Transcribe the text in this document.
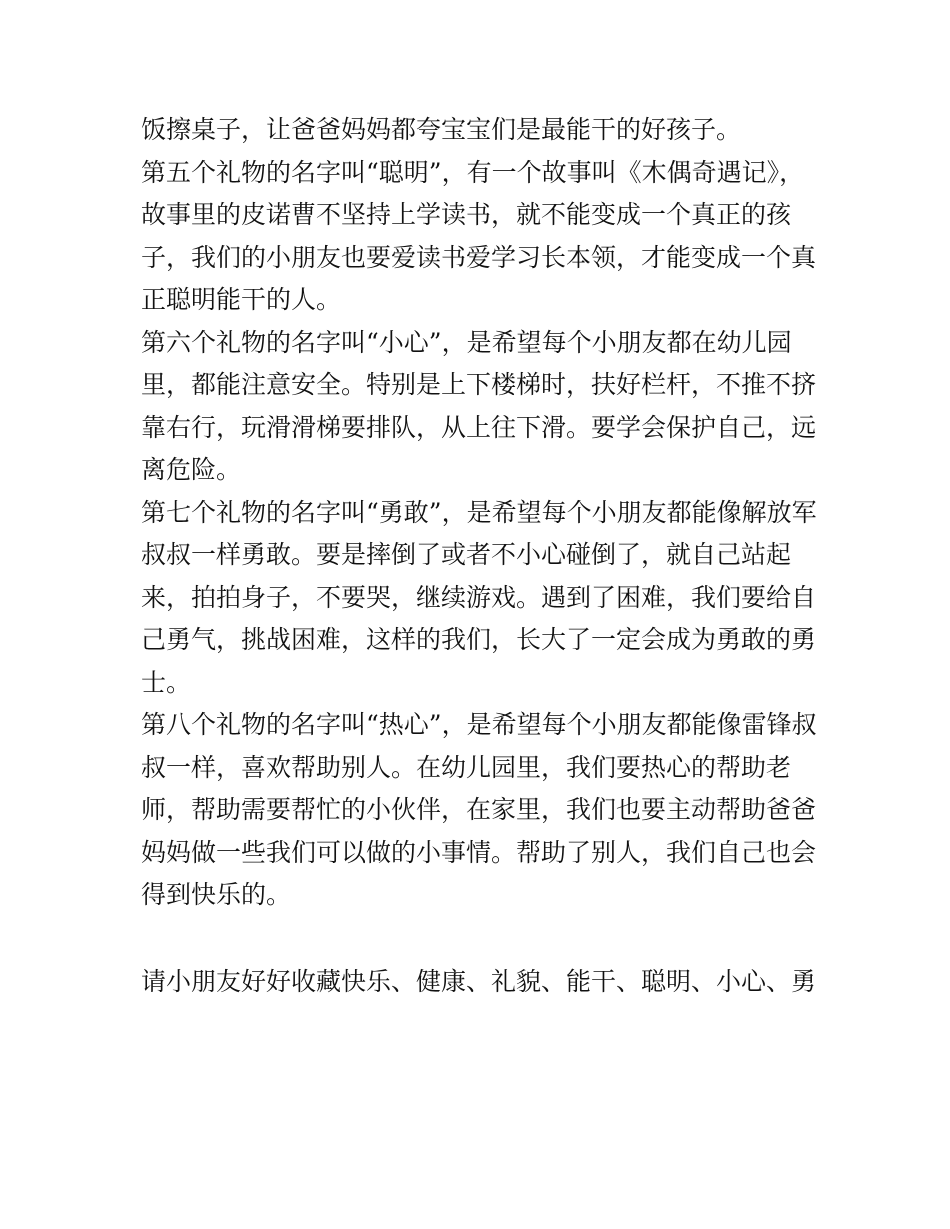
饭擦桌子，让爸爸妈妈都夸宝宝们是最能干的好孩子。
第五个礼物的名字叫“聪明”，有一个故事叫《木偶奇遇记》，
故事里的皮诺曹不坚持上学读书，就不能变成一个真正的孩
子，我们的小朋友也要爱读书爱学习长本领，才能变成一个真
正聪明能干的人。
第六个礼物的名字叫“小心”，是希望每个小朋友都在幼儿园
里，都能注意安全。特别是上下楼梯时，扶好栏杆，不推不挤
靠右行，玩滑滑梯要排队，从上往下滑。要学会保护自己，远
离危险。
第七个礼物的名字叫“勇敢”，是希望每个小朋友都能像解放军
叔叔一样勇敢。要是摔倒了或者不小心碰倒了，就自己站起
来，拍拍身子，不要哭，继续游戏。遇到了困难，我们要给自
己勇气，挑战困难，这样的我们，长大了一定会成为勇敢的勇
士。
第八个礼物的名字叫“热心”，是希望每个小朋友都能像雷锋叔
叔一样，喜欢帮助别人。在幼儿园里，我们要热心的帮助老
师，帮助需要帮忙的小伙伴，在家里，我们也要主动帮助爸爸
妈妈做一些我们可以做的小事情。帮助了别人，我们自己也会
得到快乐的。
请小朋友好好收藏快乐、健康、礼貌、能干、聪明、小心、勇
